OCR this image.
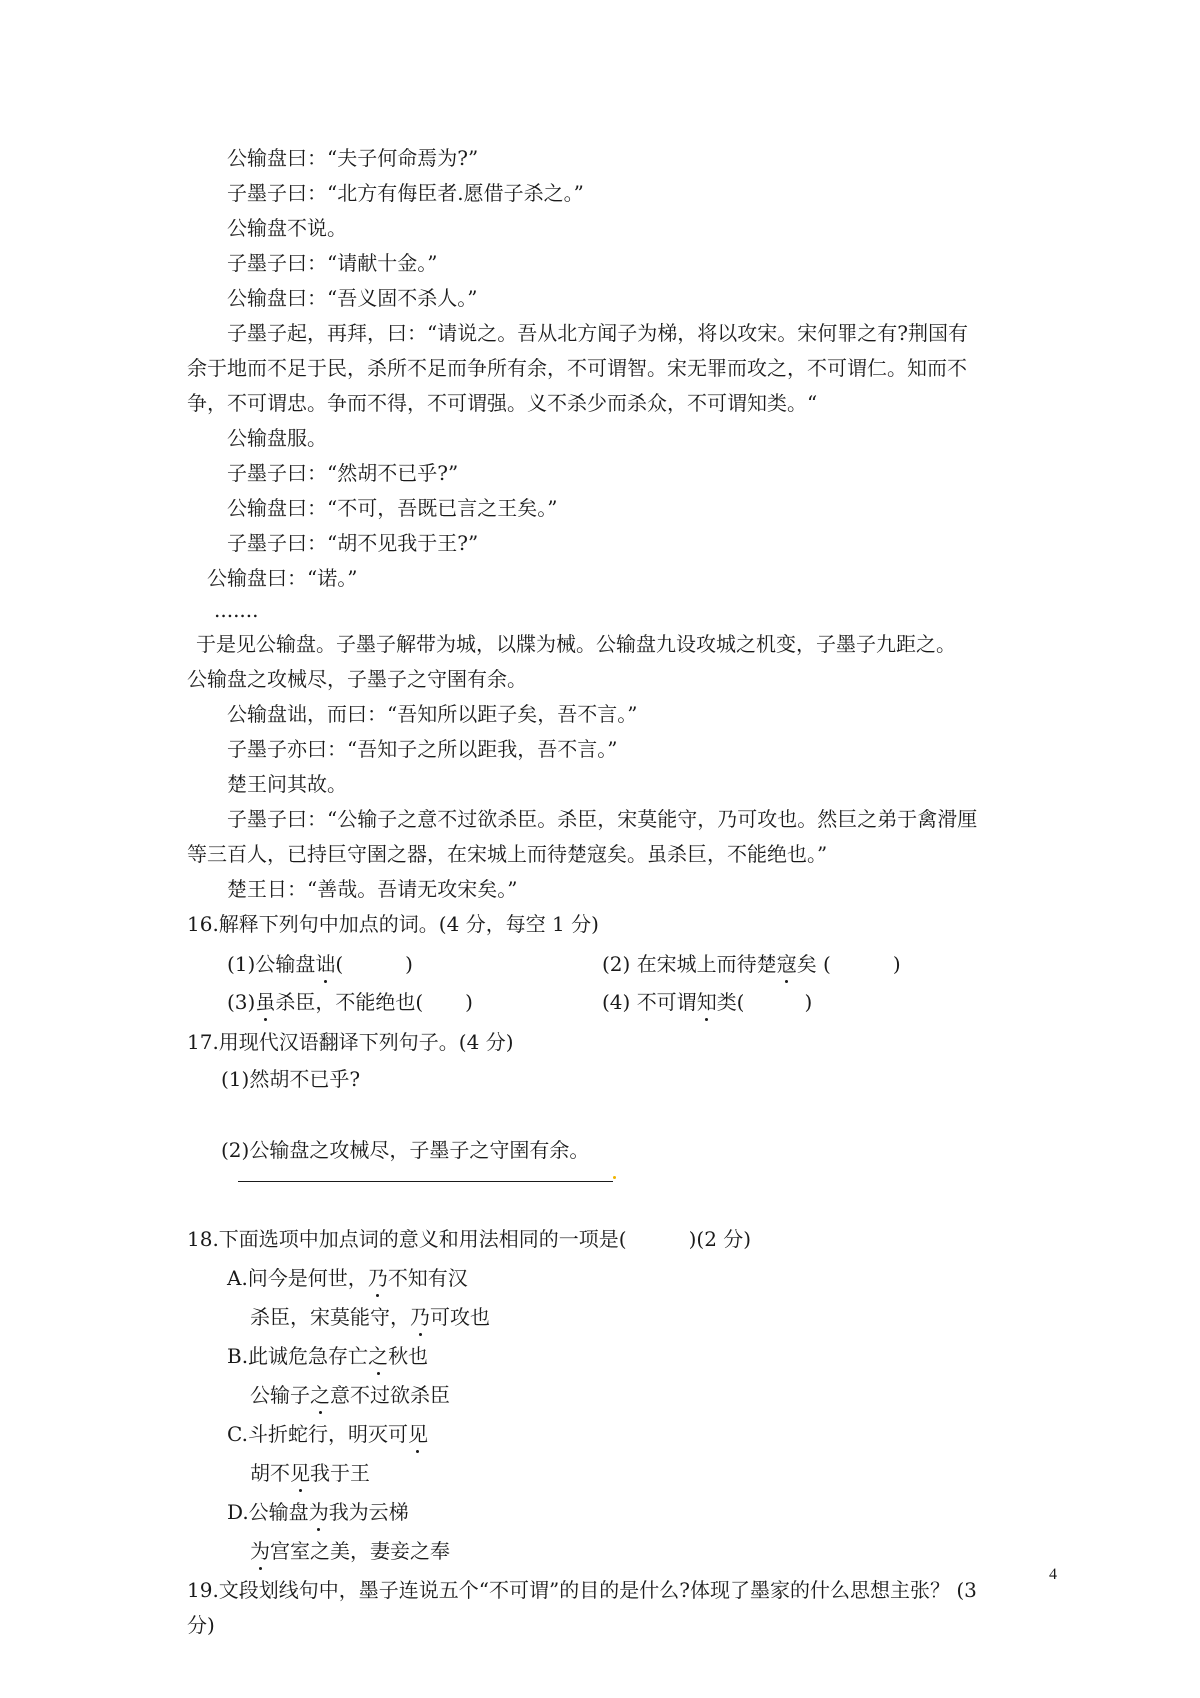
公输盘曰：“夫子何命焉为?”
子墨子曰：“北方有侮臣者.愿借子杀之。”
公输盘不说。
子墨子曰：“请献十金。”
公输盘曰：“吾义固不杀人。”
子墨子起，再拜，曰：“请说之。吾从北方闻子为梯，将以攻宋。宋何罪之有?荆国有
余于地而不足于民，杀所不足而争所有余，不可谓智。宋无罪而攻之，不可谓仁。知而不
争，不可谓忠。争而不得，不可谓强。义不杀少而杀众，不可谓知类。“
公输盘服。
子墨子曰：“然胡不已乎?”
公输盘曰：“不可，吾既已言之王矣。”
子墨子曰：“胡不见我于王?”
公输盘曰：“诺。”
.......
于是见公输盘。子墨子解带为城，以牒为械。公输盘九设攻城之机变，子墨子九距之。
公输盘之攻械尽，子墨子之守圉有余。
公输盘诎，而曰：“吾知所以距子矣，吾不言。”
子墨子亦曰：“吾知子之所以距我，吾不言。”
楚王问其故。
子墨子曰：“公输子之意不过欲杀臣。杀臣，宋莫能守，乃可攻也。然巨之弟于禽滑厘
等三百人，已持巨守圉之器，在宋城上而待楚寇矣。虽杀巨，不能绝也。”
楚王日：“善哉。吾请无攻宋矣。”
16.解释下列句中加点的词。(4 分，每空 1 分)
(1)公输盘诎(	)	(2) 在宋城上而待楚寇矣 (	)
(3)虽杀臣，不能绝也( )	(4) 不可谓知类(	)
17.用现代汉语翻译下列句子。(4 分)
(1)然胡不已乎?
(2)公输盘之攻械尽，子墨子之守圉有余。
18.下面选项中加点词的意义和用法相同的一项是(	)(2 分)
A.问今是何世，乃不知有汉
杀臣，宋莫能守，乃可攻也
B.此诚危急存亡之秋也
公输子之意不过欲杀臣
C.斗折蛇行，明灭可见
胡不见我于王
D.公输盘为我为云梯
为宫室之美，妻妾之奉
19.文段划线句中，墨子连说五个“不可谓”的目的是什么?体现了墨家的什么思想主张？ (3
分)
4
